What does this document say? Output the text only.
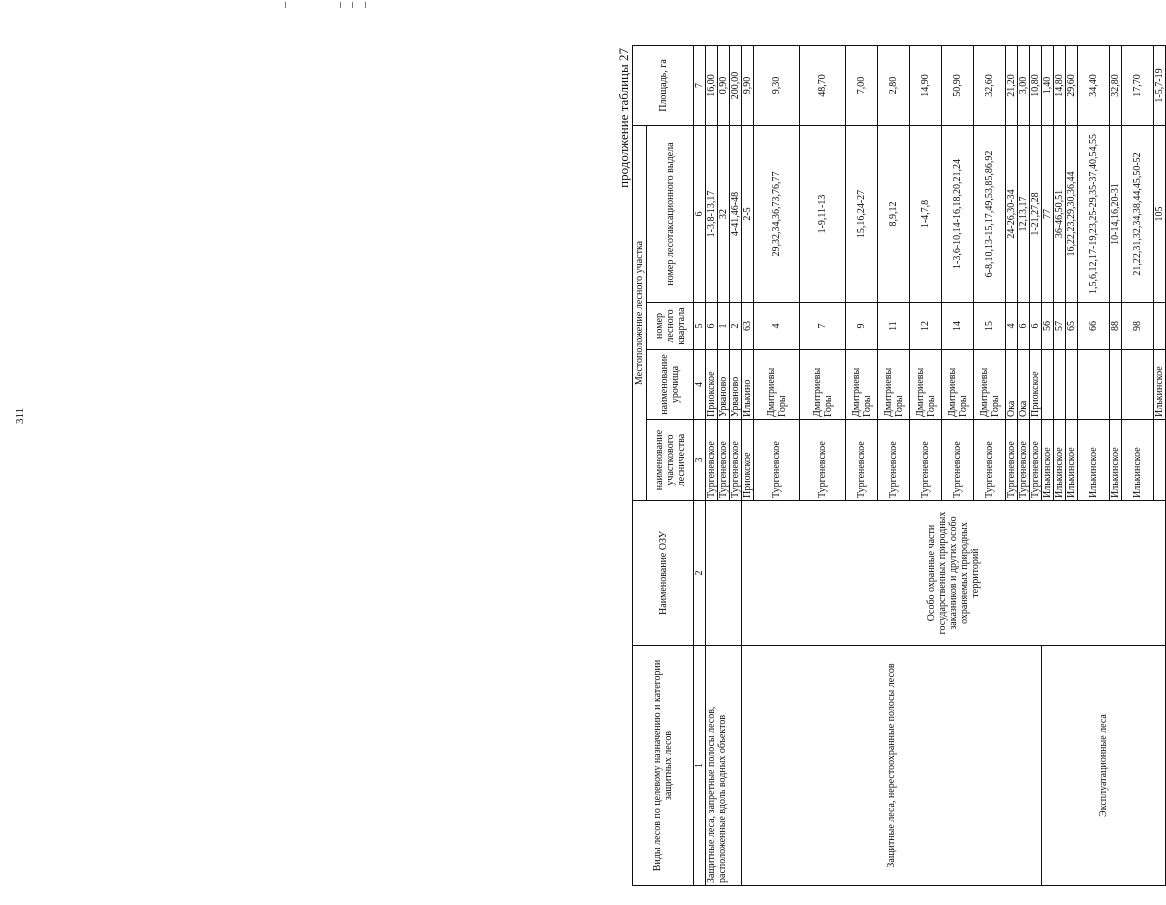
311
продолжение таблицы 27
Виды лесов по целевому назначению и категории защитных лесов	Наименование ОЗУ	Местоположение лесного участка				Площадь, га	
		наименование участкового лесничества	наименование урочища	номер лесного квартала	номер лесотаксационного выдела		
1	2	3	4	5	6	7	
Защитные леса, запретные полосы лесов, расположенные вдоль водных объектов		Тургеневское	Приокское	6	1-3,8-13,17	16,00	
		Тургеневское	Урваново	1	32	0,90	
		Тургеневское	Урваново	2	4-41,46-48	200,00	
Защитные леса, нерестоохранные полосы лесов	Особо охранные части государственных природных заказников и других особо охраняемых природных территорий	Приокское	Илькино	63	2-5	9,90	
		Тургеневское	Дмитриевы Горы	4	29,32,34,36,73,76,77	9,30	
		Тургеневское	Дмитриевы Горы	7	1-9,11-13	48,70	
		Тургеневское	Дмитриевы Горы	9	15,16,24-27	7,00	
		Тургеневское	Дмитриевы Горы	11	8,9,12	2,80	
		Тургеневское	Дмитриевы Горы	12	1-4,7,8	14,90	
		Тургеневское	Дмитриевы Горы	14	1-3,6-10,14-16,18,20,21,24	50,90	
		Тургеневское	Дмитриевы Горы	15	6-8,10,13-15,17,49,53,85,86,92	32,60	
		Тургеневское	Ока	4	24-26,30-34	21,20	
		Тургеневское	Ока	6	12,13,17	3,00	
		Тургеневское	Приокское	6	1-21,27,28	10,80	
Эксплуатационные леса		Илькинское		56	77	1,40	
		Илькинское		57	36-46,50,51	14,80	
		Илькинское		65	16,22,23,29,30,36,44	29,60	
		Илькинское		66	1,5,6,12,17-19,23,25-29,35-37,40,54,55	34,40	
		Илькинское		88	10-14,16,20-31	32,80	
		Илькинское		98	21,22,31,32,34,38,44,45,50-52	17,70	
			Илькинское		105	1-5,7-19	
